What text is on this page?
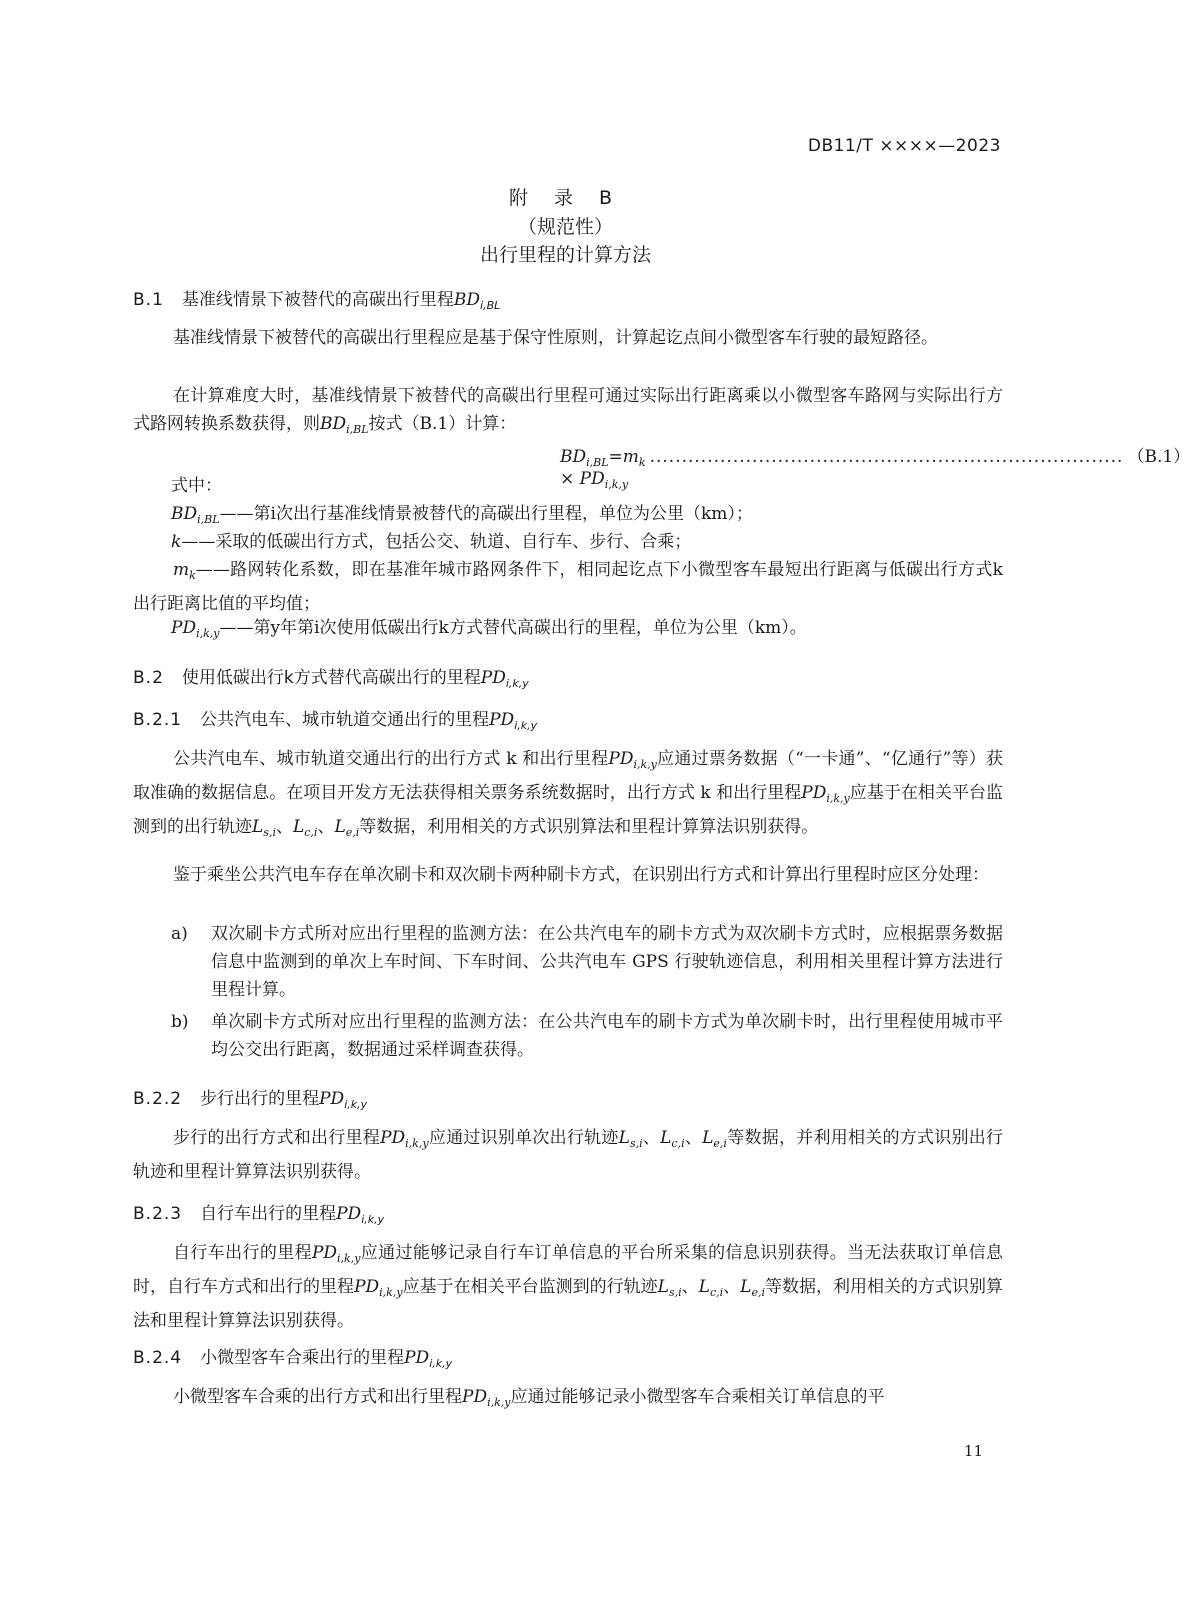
DB11/T ××××—2023
附 录 B
（规范性）
出行里程的计算方法
B.1 基准线情景下被替代的高碳出行里程$BD_{i,BL}$
基准线情景下被替代的高碳出行里程应是基于保守性原则，计算起讫点间小微型客车行驶的最短路径。
在计算难度大时，基准线情景下被替代的高碳出行里程可通过实际出行距离乘以小微型客车路网与实际出行方式路网转换系数获得，则$BD_{i,BL}$按式（B.1）计算：
$BD_{i,BL}=m_k \times PD_{i,k,y}$
.......................................................................... （B.1）
式中：
$BD_{i,BL}——$第i次出行基准线情景被替代的高碳出行里程，单位为公里（km）；
k——采取的低碳出行方式，包括公交、轨道、自行车、步行、合乘；
$m_k——$路网转化系数，即在基准年城市路网条件下，相同起讫点下小微型客车最短出行距离与低碳出行方式k出行距离比值的平均值；
$PD_{i,k,y}——$第y年第i次使用低碳出行k方式替代高碳出行的里程，单位为公里（km）。
B.2 使用低碳出行k方式替代高碳出行的里程$PD_{i,k,y}$
B.2.1 公共汽电车、城市轨道交通出行的里程$PD_{i,k,y}$
公共汽电车、城市轨道交通出行的出行方式 k 和出行里程$PD_{i,k,y}$应通过票务数据（“一卡通”、“亿通行”等）获取准确的数据信息。在项目开发方无法获得相关票务系统数据时，出行方式 k 和出行里程$PD_{i,k,y}$应基于在相关平台监测到的出行轨迹$L_{s,i}$、$L_{c,i}$、$L_{e,i}$等数据，利用相关的方式识别算法和里程计算算法识别获得。
鉴于乘坐公共汽电车存在单次刷卡和双次刷卡两种刷卡方式，在识别出行方式和计算出行里程时应区分处理：
a) 双次刷卡方式所对应出行里程的监测方法：在公共汽电车的刷卡方式为双次刷卡方式时，应根据票务数据信息中监测到的单次上车时间、下车时间、公共汽电车 GPS 行驶轨迹信息，利用相关里程计算方法进行里程计算。
b) 单次刷卡方式所对应出行里程的监测方法：在公共汽电车的刷卡方式为单次刷卡时，出行里程使用城市平均公交出行距离，数据通过采样调查获得。
B.2.2 步行出行的里程$PD_{i,k,y}$
步行的出行方式和出行里程$PD_{i,k,y}$应通过识别单次出行轨迹$L_{s,i}$、$L_{c,i}$、$L_{e,i}$等数据，并利用相关的方式识别出行轨迹和里程计算算法识别获得。
B.2.3 自行车出行的里程$PD_{i,k,y}$
自行车出行的里程$PD_{i,k,y}$应通过能够记录自行车订单信息的平台所采集的信息识别获得。当无法获取订单信息时，自行车方式和出行的里程$PD_{i,k,y}$应基于在相关平台监测到的行轨迹$L_{s,i}$、$L_{c,i}$、$L_{e,i}$等数据，利用相关的方式识别算法和里程计算算法识别获得。
B.2.4 小微型客车合乘出行的里程$PD_{i,k,y}$
小微型客车合乘的出行方式和出行里程$PD_{i,k,y}$应通过能够记录小微型客车合乘相关订单信息的平
11
